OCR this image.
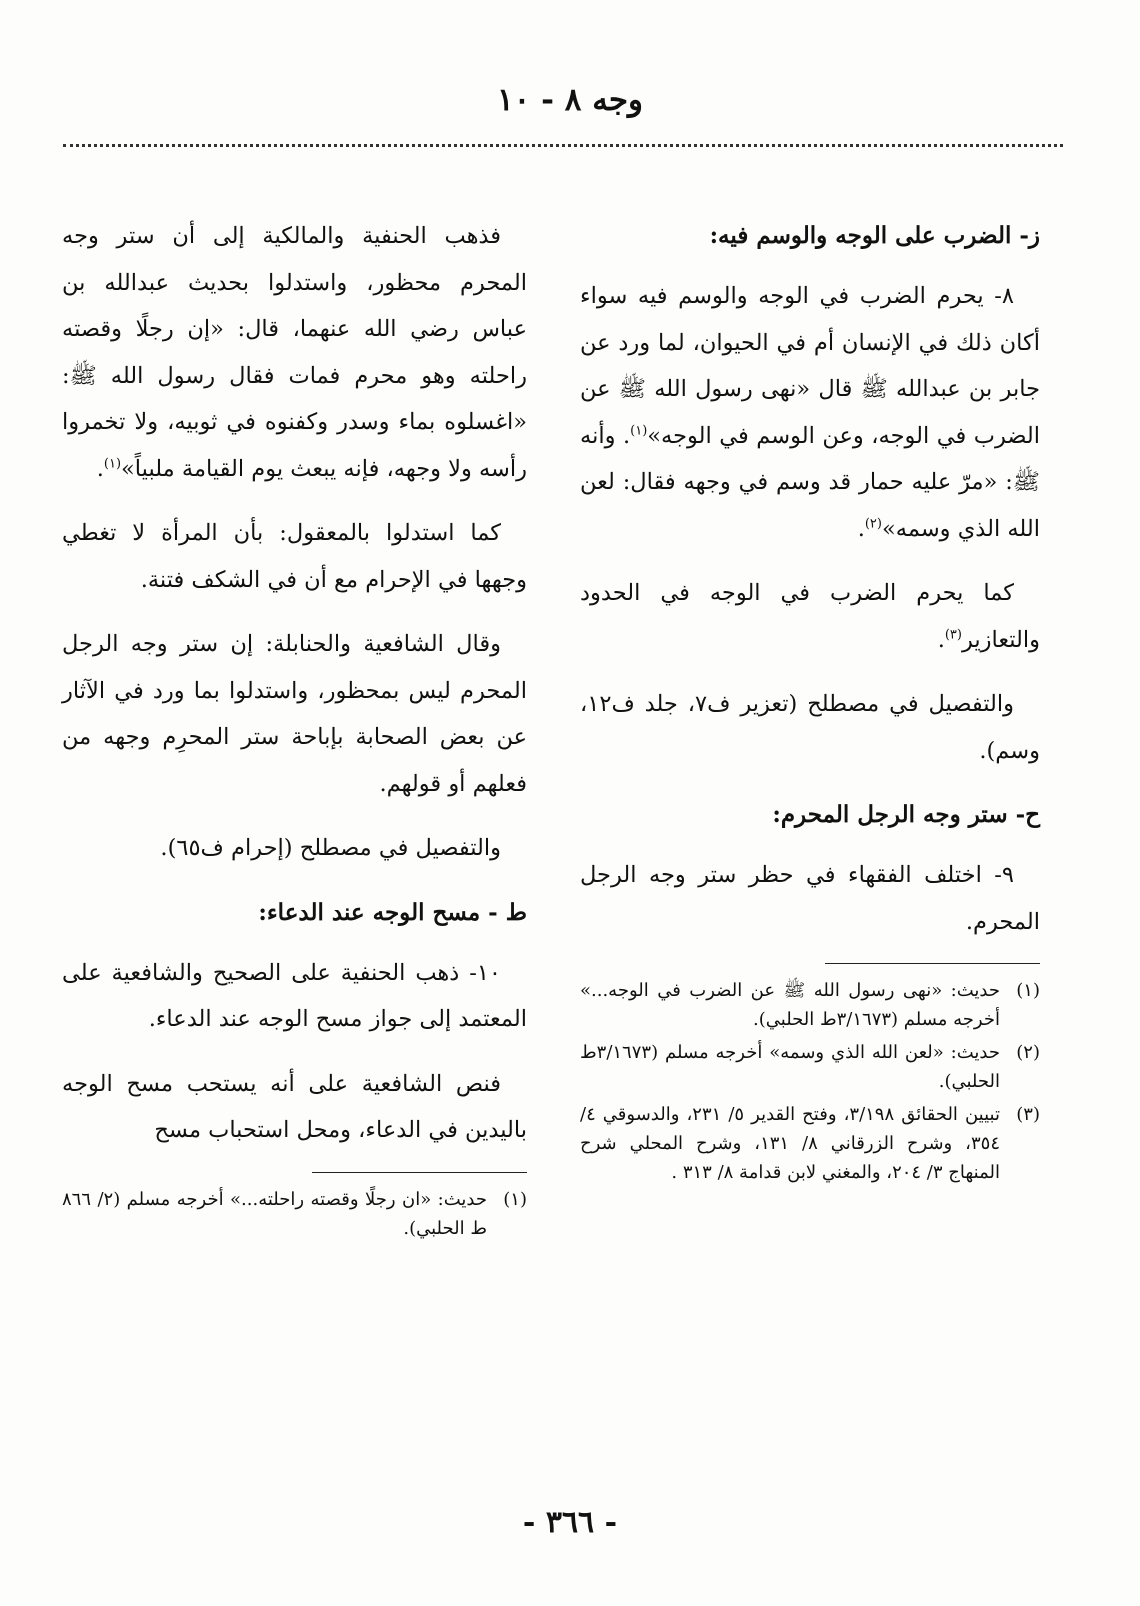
وجه ٨ - ١٠
ز- الضرب على الوجه والوسم فيه:

٨- يحرم الضرب في الوجه والوسم فيه سواء أكان ذلك في الإنسان أم في الحيوان، لما ورد عن جابر بن عبدالله ﷺ قال «نهى رسول الله ﷺ عن الضرب في الوجه، وعن الوسم في الوجه»$^{(١)}$. وأنه ﷺ: «مرّ عليه حمار قد وسم في وجهه فقال: لعن الله الذي وسمه»$^{(٢)}$.

كما يحرم الضرب في الوجه في الحدود والتعازير$^{(٣)}$.

والتفصيل في مصطلح (تعزير ف٧، جلد ف١٢، وسم).

ح- ستر وجه الرجل المحرم:

٩- اختلف الفقهاء في حظر ستر وجه الرجل المحرم.

(١)
حديث: «نهى رسول الله ﷺ عن الضرب في الوجه...» أخرجه مسلم (٣/١٦٧٣ط الحلبي).
(٢)
حديث: «لعن الله الذي وسمه» أخرجه مسلم (٣/١٦٧٣ط الحلبي).
(٣)
تبيين الحقائق ٣/١٩٨، وفتح القدير ٥/ ٢٣١، والدسوقي ٤/ ٣٥٤، وشرح الزرقاني ٨/ ١٣١، وشرح المحلي شرح المنهاج ٣/ ٢٠٤، والمغني لابن قدامة ٨/ ٣١٣ .

فذهب الحنفية والمالكية إلى أن ستر وجه المحرم محظور، واستدلوا بحديث عبدالله بن عباس رضي الله عنهما، قال: «إن رجلًا وقصته راحلته وهو محرم فمات فقال رسول الله ﷺ: «اغسلوه بماء وسدر وكفنوه في ثوبيه، ولا تخمروا رأسه ولا وجهه، فإنه يبعث يوم القيامة ملبياً»$^{(١)}$.

كما استدلوا بالمعقول: بأن المرأة لا تغطي وجهها في الإحرام مع أن في الشكف فتنة.

وقال الشافعية والحنابلة: إن ستر وجه الرجل المحرم ليس بمحظور، واستدلوا بما ورد في الآثار عن بعض الصحابة بإباحة ستر المحرِم وجهه من فعلهم أو قولهم.

والتفصيل في مصطلح (إحرام ف٦٥).

ط - مسح الوجه عند الدعاء:

١٠- ذهب الحنفية على الصحيح والشافعية على المعتمد إلى جواز مسح الوجه عند الدعاء.

فنص الشافعية على أنه يستحب مسح الوجه باليدين في الدعاء، ومحل استحباب مسح

(١)
حديث: «ان رجلًا وقصته راحلته...» أخرجه مسلم (٢/ ٨٦٦ ط الحلبي).
- ٣٦٦ -
